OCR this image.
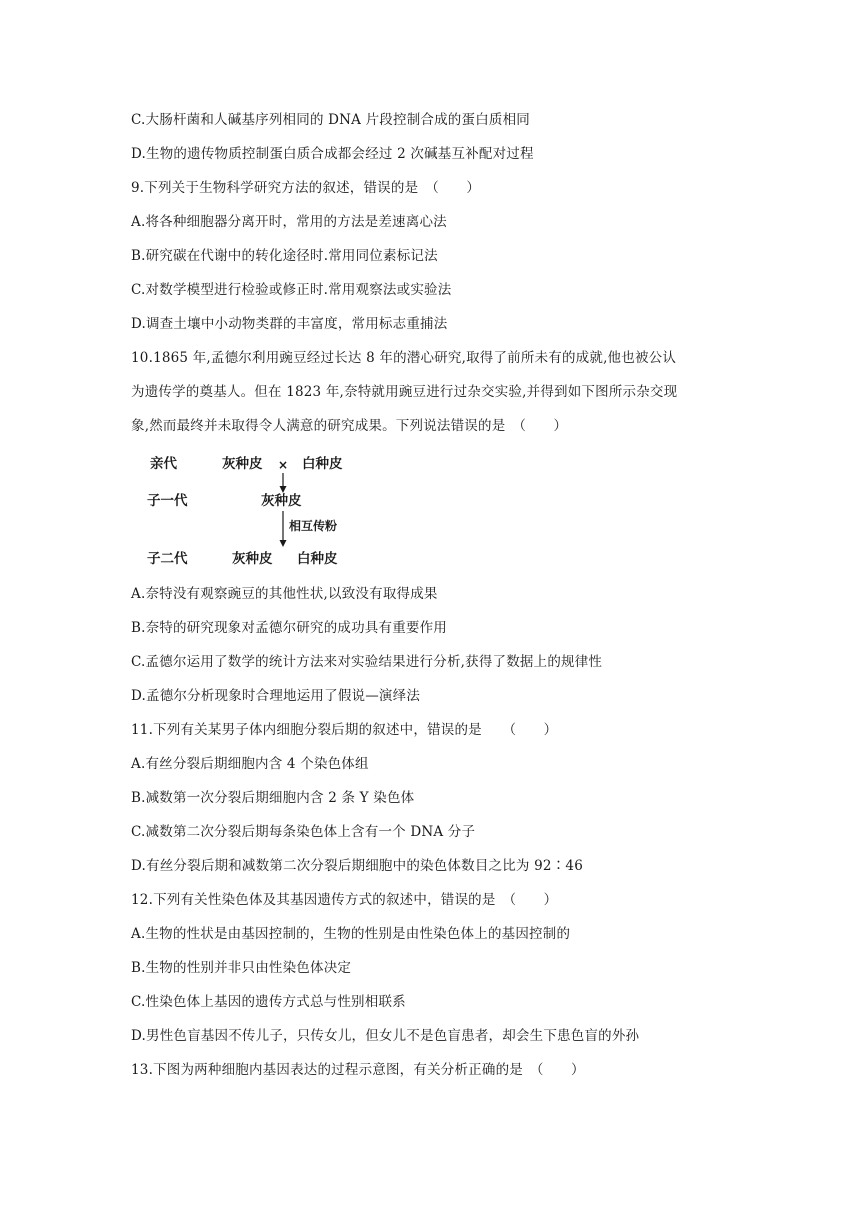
C.大肠杆菌和人碱基序列相同的 DNA 片段控制合成的蛋白质相同
D.生物的遗传物质控制蛋白质合成都会经过 2 次碱基互补配对过程
9.下列关于生物科学研究方法的叙述，错误的是　（　　）
A.将各种细胞器分离开时，常用的方法是差速离心法
B.研究碳在代谢中的转化途径时.常用同位素标记法
C.对数学模型进行检验或修正时.常用观察法或实验法
D.调查土壤中小动物类群的丰富度，常用标志重捕法
10.1865 年,孟德尔利用豌豆经过长达 8 年的潜心研究,取得了前所未有的成就,他也被公认
为遗传学的奠基人。但在 1823 年,奈特就用豌豆进行过杂交实验,并得到如下图所示杂交现
象,然而最终并未取得令人满意的研究成果。下列说法错误的是　（　　）
亲代	灰种皮 × 白种皮
子一代	灰种皮
相互传粉
子二代	灰种皮 白种皮
A.奈特没有观察豌豆的其他性状,以致没有取得成果
B.奈特的研究现象对孟德尔研究的成功具有重要作用
C.孟德尔运用了数学的统计方法来对实验结果进行分析,获得了数据上的规律性
D.孟德尔分析现象时合理地运用了假说—演绎法
11.下列有关某男子体内细胞分裂后期的叙述中，错误的是　　（　　）
A.有丝分裂后期细胞内含 4 个染色体组
B.减数第一次分裂后期细胞内含 2 条 Y 染色体
C.减数第二次分裂后期每条染色体上含有一个 DNA 分子
D.有丝分裂后期和减数第二次分裂后期细胞中的染色体数目之比为 92∶46
12.下列有关性染色体及其基因遗传方式的叙述中，错误的是　（　　）
A.生物的性状是由基因控制的，生物的性别是由性染色体上的基因控制的
B.生物的性别并非只由性染色体决定
C.性染色体上基因的遗传方式总与性别相联系
D.男性色盲基因不传儿子，只传女儿，但女儿不是色盲患者，却会生下患色盲的外孙
13.下图为两种细胞内基因表达的过程示意图，有关分析正确的是　（　　）
